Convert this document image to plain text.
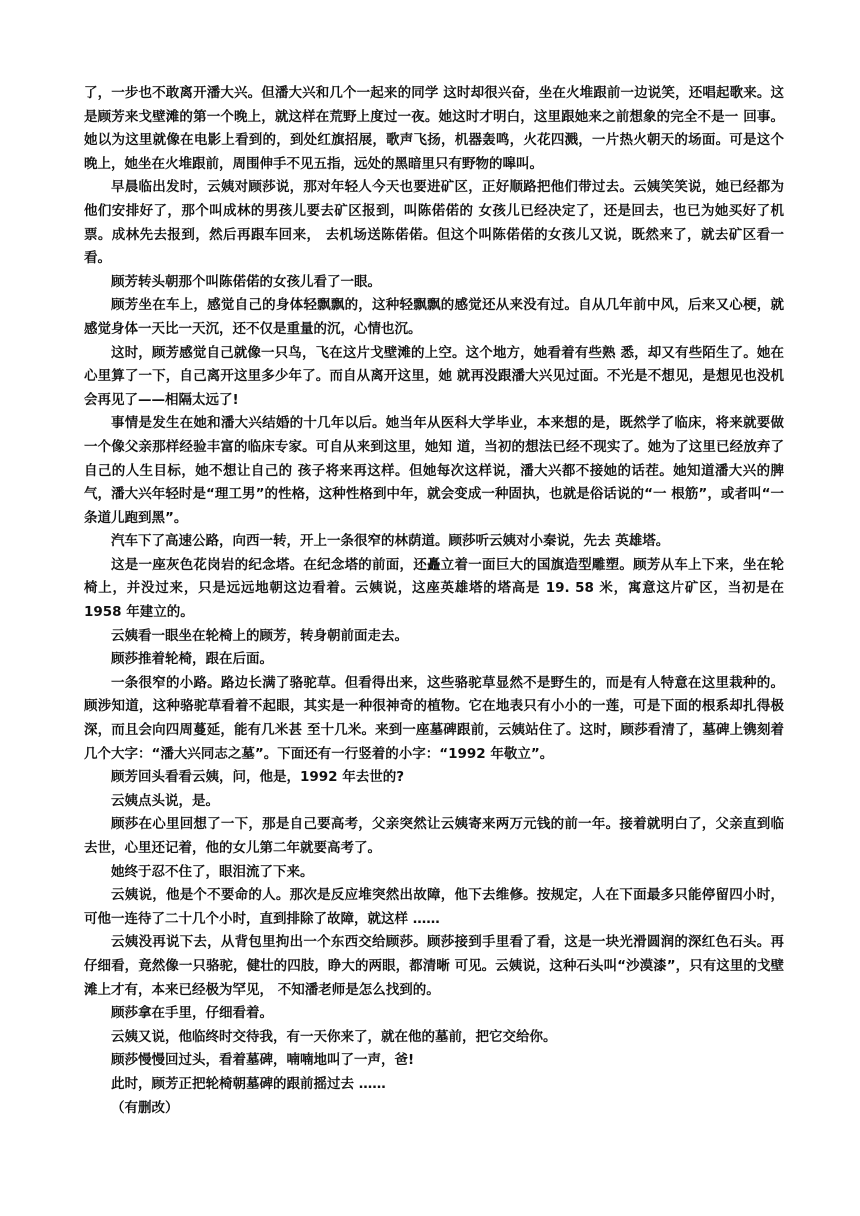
了，一步也不敢离开潘大兴。但潘大兴和几个一起来的同学 这时却很兴奋，坐在火堆跟前一边说笑，还唱起歌来。这是顾芳来戈壁滩的第一个晚上，就这样在荒野上度过一夜。她这时才明白，这里跟她来之前想象的完全不是一 回事。她以为这里就像在电影上看到的，到处红旗招展，歌声飞扬，机器轰鸣，火花四溅，一片热火朝天的场面。可是这个晚上，她坐在火堆跟前，周围伸手不见五指，远处的黑暗里只有野物的嗥叫。

早晨临出发时，云姨对顾莎说，那对年轻人今天也要进矿区，正好顺路把他们带过去。云姨笑笑说，她已经都为他们安排好了，那个叫成林的男孩儿要去矿区报到，叫陈偌偌的 女孩儿已经决定了，还是回去，也已为她买好了机票。成林先去报到，然后再跟车回来， 去机场送陈偌偌。但这个叫陈偌偌的女孩儿又说，既然来了，就去矿区看一看。

顾芳转头朝那个叫陈偌偌的女孩儿看了一眼。

顾芳坐在车上，感觉自己的身体轻飘飘的，这种轻飘飘的感觉还从来没有过。自从几年前中风，后来又心梗，就感觉身体一天比一天沉，还不仅是重量的沉，心情也沉。

这时，顾芳感觉自己就像一只鸟，飞在这片戈壁滩的上空。这个地方，她看着有些熟 悉，却又有些陌生了。她在心里算了一下，自己离开这里多少年了。而自从离开这里，她 就再没跟潘大兴见过面。不光是不想见，是想见也没机会再见了——相隔太远了!

事情是发生在她和潘大兴结婚的十几年以后。她当年从医科大学毕业，本来想的是，既然学了临床，将来就要做一个像父亲那样经验丰富的临床专家。可自从来到这里，她知 道，当初的想法已经不现实了。她为了这里已经放弃了自己的人生目标，她不想让自己的 孩子将来再这样。但她每次这样说，潘大兴都不接她的话茬。她知道潘大兴的脾气，潘大兴年轻时是“理工男”的性格，这种性格到中年，就会变成一种固执，也就是俗话说的“一 根筋”，或者叫“一条道儿跑到黑”。

汽车下了高速公路，向西一转，开上一条很窄的林荫道。顾莎听云姨对小秦说，先去 英雄塔。

这是一座灰色花岗岩的纪念塔。在纪念塔的前面，还矗立着一面巨大的国旗造型雕塑。顾芳从车上下来，坐在轮椅上，并没过来，只是远远地朝这边看着。云姨说，这座英雄塔的塔高是 19. 58 米，寓意这片矿区，当初是在 1958 年建立的。

云姨看一眼坐在轮椅上的顾芳，转身朝前面走去。

顾莎推着轮椅，跟在后面。

一条很窄的小路。路边长满了骆驼草。但看得出来，这些骆驼草显然不是野生的，而是有人特意在这里栽种的。顾涉知道，这种骆驼草看着不起眼，其实是一种很神奇的植物。它在地表只有小小的一莲，可是下面的根系却扎得极深，而且会向四周蔓延，能有几米甚 至十几米。来到一座墓碑跟前，云姨站住了。这时，顾莎看清了，墓碑上镌刻着几个大字：“潘大兴同志之墓”。下面还有一行竖着的小字：“1992 年敬立”。

顾芳回头看看云姨，问，他是，1992 年去世的?

云姨点头说，是。

顾莎在心里回想了一下，那是自己要高考，父亲突然让云姨寄来两万元钱的前一年。接着就明白了，父亲直到临去世，心里还记着，他的女儿第二年就要高考了。

她终于忍不住了，眼泪流了下来。

云姨说，他是个不要命的人。那次是反应堆突然出故障，他下去维修。按规定，人在下面最多只能停留四小时，可他一连待了二十几个小时，直到排除了故障，就这样 ……

云姨没再说下去，从背包里拘出一个东西交给顾莎。顾莎接到手里看了看，这是一块光滑圆润的深红色石头。再仔细看，竟然像一只骆驼，健壮的四肢，睁大的两眼，都清晰 可见。云姨说，这种石头叫“沙漠漆”，只有这里的戈壁滩上才有，本来已经极为罕见， 不知潘老师是怎么找到的。

顾莎拿在手里，仔细看着。

云姨又说，他临终时交待我，有一天你来了，就在他的墓前，把它交给你。

顾莎慢慢回过头，看着墓碑，喃喃地叫了一声，爸!

此时，顾芳正把轮椅朝墓碑的跟前摇过去 ……

（有删改）
